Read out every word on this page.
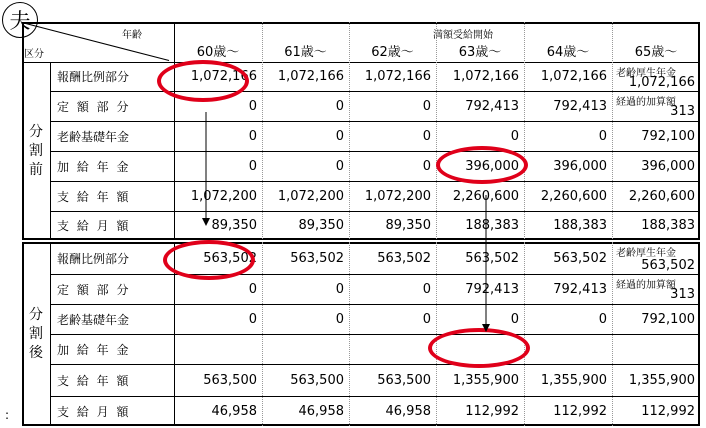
夫
年齢
区分
満額受給開始
60歳～	61歳～	62歳～	63歳～	64歳～	65歳～
分
割
前
報酬比例部分	1,072,166	1,072,166	1,072,166	1,072,166	1,072,166	1,072,166
定 額 部 分	0	0	0	792,413	792,413	313
老齢基礎年金	0	0	0	0	0	792,100
加 給 年 金	0	0	0	396,000	396,000	396,000
支 給 年 額	1,072,200	1,072,200	1,072,200	2,260,600	2,260,600	2,260,600
支 給 月 額	89,350	89,350	89,350	188,383	188,383	188,383
老齢厚生年金
経過的加算額
分
割
後
報酬比例部分	563,502	563,502	563,502	563,502	563,502	563,502
定 額 部 分	0	0	0	792,413	792,413	313
老齢基礎年金	0	0	0	0	0	792,100
加 給 年 金
支 給 年 額	563,500	563,500	563,500	1,355,900	1,355,900	1,355,900
支 給 月 額	46,958	46,958	46,958	112,992	112,992	112,992
老齢厚生年金
経過的加算額
:
